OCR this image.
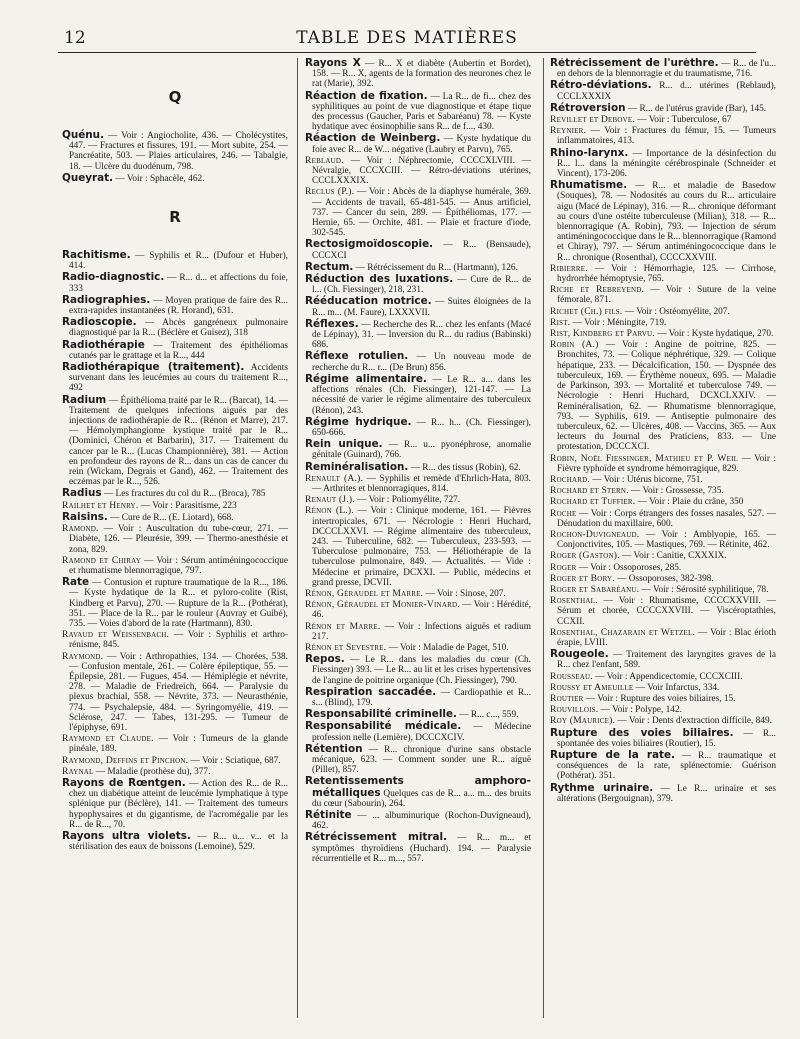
12	TABLE DES MATIÈRES
Q

Quénu. — Voir : Angiocholite, 436. — Cholécystites, 447. — Fractures et fissures, 191. — Mort subite, 254. — Pancréatite, 503. — Plaies articulaires, 246. — Tabalgie, 18. — Ulcère du duodénum, 798.

Queyrat. — Voir : Sphacèle, 462.

R

Rachitisme. — Syphilis et R... (Dufour et Huber), 414.

Radio-diagnostic. — R... d... et affections du foie, 333

Radiographies. — Moyen pratique de faire des R... extra-rapides instantanées (R. Horand), 631.

Radioscopie. — Abcès gangréneux pulmonaire diagnostiqué par la R... (Béclère et Guisez), 318

Radiothérapie — Traitement des épithéliomas cutanés par le grattage et la R..., 444

Radiothérapique (traitement). Accidents survenant dans les leucémies au cours du traitement R..., 492

Radium — Épithélioma traité par le R... (Barcat), 14. — Traitement de quelques infections aiguës par des injections de radiothérapie de R... (Rénon et Marre), 217. — Hémolymphangiome kystique traité par le R... (Dominici, Chéron et Barbarin), 317. — Traitement du cancer par le R... (Lucas Championnière), 381. — Action en profondeur des rayons de R... dans un cas de cancer du rein (Wickam, Degrais et Gand), 462. — Traitement des eczémas par le R..., 526.

Radius — Les fractures du col du R... (Broca), 785

Railhet et Henry. — Voir : Parasitisme, 223

Raisins. — Cure de R... (E. Liotard), 668.

Ramond. — Voir : Auscultation du tube-cœur, 271. — Diabète, 126. — Pleurésie, 399. — Thermo-anesthésie et zona, 829.

Ramond et Chiray — Voir : Sérum antiméningococcique et rhumatisme blennorragique, 797.

Rate — Contusion et rupture traumatique de la R..., 186. — Kyste hydatique de la R... et pyloro-colite (Rist, Kindberg et Parvu), 270. — Rupture de la R... (Pothérat), 351. — Place de la R... par le rouleur (Auvray et Guibé), 735. — Voies d'abord de la rate (Hartmann), 830.

Ravaud et Weissenbach. — Voir : Syphilis et arthro-rénisme, 845.

Raymond. — Voir : Arthropathies, 134. — Chorées, 538. — Confusion mentale, 261. — Colère épileptique, 55. — Épilepsie, 281. — Fugues, 454. — Hémiplégie et névrite, 278. — Maladie de Friedreich, 664. — Paralysie du plexus brachial, 558. — Névrite, 373. — Neurasthénie, 774. — Psychalepsie, 484. — Syringomyélie, 419. — Sclérose, 247. — Tabes, 131-295. — Tumeur de l'épiphyse, 691.

Raymond et Claude. — Voir : Tumeurs de la glande pinéale, 189.

Raymond, Deffins et Pinchon. — Voir : Sciatique, 687.

Raynal — Maladie (prothèse du), 377.

Rayons de Rœntgen. — Action des R... de R... chez un diabétique atteint de leucémie lymphatique à type splénique pur (Béclère), 141. — Traitement des tumeurs hypophysaires et du gigantisme, de l'acromégalie par les R... de R..., 70.

Rayons ultra violets. — R... u... v... et la stérilisation des eaux de boissons (Lemoine), 529.

Rayons X — R... X et diabète (Aubertin et Bordet), 158. — R... X, agents de la formation des neurones chez le rat (Marie), 392.

Réaction de fixation. — La R... de fi... chez des syphilitiques au point de vue diagnostique et étape tique des processus (Gaucher, Paris et Sabaréanu) 78. — Kyste hydatique avec éosinophilie sans R... de f..., 430.

Réaction de Weinberg. — Kyste hydatique du foie avec R... de W... négative (Laubry et Parvu), 765.

Reblaud. — Voir : Néphrectomie, CCCCXLVIII. — Névralgie, CCCXCIII. — Rétro-déviations utérines, CCCLXXXIX.

Reclus (P.). — Voir : Abcès de la diaphyse humérale, 369. — Accidents de travail, 65-481-545. — Anus artificiel, 737. — Cancer du sein, 289. — Épithéliomas, 177. — Hernie, 65. — Orchite, 481. — Plaie et fracture d'iode, 302-545.

Rectosigmoïdoscopie. — R... (Bensaude), CCCXCI

Rectum. — Rétrécissement du R... (Hartmann), 126.

Réduction des luxations. — Cure de R... de l... (Ch. Fiessinger), 218, 231.

Rééducation motrice. — Suites éloignées de la R... m... (M. Faure), LXXXVII.

Réflexes. — Recherche des R... chez les enfants (Macé de Lépinay), 31. — Inversion du R... du radius (Babinski) 686.

Réflexe rotulien. — Un nouveau mode de recherche du R... r... (De Brun) 856.

Régime alimentaire. — Le R... a... dans les affections rénales (Ch. Fiessinger), 121-147. — La nécessité de varier le régime alimentaire des tuberculeux (Rénon), 243.

Régime hydrique. — R... h... (Ch. Fiessinger), 650-666.

Rein unique. — R... u... pyonéphrose, anomalie génitale (Guinard), 766.

Reminéralisation. — R... des tissus (Robin), 62.

Renault (A.). — Syphilis et remède d'Ehrlich-Hata, 803. — Arthrites et blennorragiques, 814.

Renaut (J.). — Voir : Poliomyélite, 727.

Rénon (L.). — Voir : Clinique moderne, 161. — Fièvres intertropicales, 671. — Nécrologie : Henri Huchard, DCCCLXXVI. — Régime alimentaire des tuberculeux, 243. — Tuberculine, 682. — Tuberculeux, 233-593. — Tuberculose pulmonaire, 753. — Héliothérapie de la tuberculose pulmonaire, 849. — Actualités. — Vide : Médecine et primaire, DCXXI. — Public, médecins et grand presse, DCVII.

Rénon, Géraudel et Marre. — Voir : Sinose, 207.

Rénon, Géraudel et Monier-Vinard. — Voir : Hérédité, 46.

Rénon et Marre. — Voir : Infections aiguës et radium 217.

Rénon et Sevestre. — Voir : Maladie de Paget, 510.

Repos. — Le R... dans les maladies du cœur (Ch. Fiessinger) 393. — Le R... au lit et les crises hypertensives de l'angine de poitrine organique (Ch. Fiessinger), 790.

Respiration saccadée. — Cardiopathie et R... s... (Blind), 179.

Responsabilité criminelle. — R... c..., 559.

Responsabilité médicale. — Médecine profession nelle (Lemière), DCCCXCIV.

Rétention — R... chronique d'urine sans obstacle mécanique, 623. — Comment sonder une R... aiguë (Pillet), 857.

Retentissements amphoro-métalliques Quelques cas de R... a... m... des bruits du cœur (Sabourin), 264.

Rétinite — ... albuminurique (Rochon-Duvigneaud), 462.

Rétrécissement mitral. — R... m... et symptômes thyroïdiens (Huchard). 194. — Paralysie récurrentielle et R... m..., 557.

Rétrécissement de l'urèthre. — R... de l'u... en dehors de la blennorragie et du traumatisme, 716.

Rétro-déviations. R... d... utérines (Reblaud), CCCLXXXIX

Rétroversion — R... de l'utérus gravide (Bar), 145.

Revillet et Debove. — Voir : Tuberculose, 67

Reynier. — Voir : Fractures du fémur, 15. — Tumeurs inflammatoires, 413.

Rhino-larynx. — Importance de la désinfection du R... l... dans la méningite cérébrospinale (Schneider et Vincent), 173-206.

Rhumatisme. — R... et maladie de Basedow (Souques), 78. — Nodosités au cours du R... articulaire aigu (Macé de Lépinay), 316. — R... chronique déformant au cours d'une ostéite tuberculeuse (Milian), 318. — R... blennorragique (A. Robin), 793. — Injection de sérum antiméningococcique dans le R... blennorragique (Ramond et Chiray), 797. — Sérum antiméningococcique dans le R... chronique (Rosenthal), CCCCXXVIII.

Ribierre. — Voir : Hémorrhagie, 125. — Cirrhose, hydrorrhée hémoptysie, 765.

Riche et Rebreyend. — Voir : Suture de la veine fémorale, 871.

Richet (Ch.) fils. — Voir : Ostéomyélite, 207.

Rist. — Voir : Méningite, 719.

Rist, Kindberg et Parvu. — Voir : Kyste hydatique, 270.

Robin (A.) — Voir : Angine de poitrine, 825. — Bronchites, 73. — Colique néphrétique, 329. — Colique hépatique, 233. — Décalcification, 150. — Dyspnée des tuberculeux, 169. — Érythème noueux, 695. — Maladie de Parkinson, 393. — Mortalité et tuberculose 749. — Nécrologie : Henri Huchard, DCXCLXXIV. — Reminéralisation, 62. — Rhumatisme blennorragique, 793. — Syphilis, 619. — Antiseptie pulmonaire des tuberculeux, 62. — Ulcères, 408. — Vaccins, 365. — Aux lecteurs du Journal des Praticiens, 833. — Une protestation, DCCCXCI.

Robin, Noël Fiessinger, Mathieu et P. Weil — Voir : Fièvre typhoïde et syndrome hémorragique, 829.

Rochard. — Voir : Utérus bicorne, 751.

Rochard et Stern. — Voir : Grossesse, 735.

Rochard et Tuffier. — Voir : Plaie du crâne, 350

Roche — Voir : Corps étrangers des fosses nasales, 527. — Dénudation du maxillaire, 600.

Rochon-Duvigneaud. — Voir : Amblyopie, 165. — Conjonctivites, 105. — Mastiques, 769. — Rétinite, 462.

Roger (Gaston). — Voir : Canitie, CXXXIX.

Roger — Voir : Ossoporoses, 285.

Roger et Bory. — Ossoporoses, 382-398.

Roger et Sabaréanu. — Voir : Sérosité syphilitique, 78.

Rosenthal. — Voir : Rhumatisme, CCCCXXVIII. — Sérum et chorée, CCCCXXVIII. — Viscéroptathies, CCXII.

Rosenthal, Chazarain et Wetzel. — Voir : Blac érioth érapie, LVIII.

Rougeole. — Traitement des laryngites graves de la R... chez l'enfant, 589.

Rousseau. — Voir : Appendicectomie, CCCXCIII.

Roussy et Ameuille — Voir Infarctus, 334.

Routier — Voir : Rupture des voies biliaires, 15.

Rouvillois. — Voir : Polype, 142.

Roy (Maurice). — Voir : Dents d'extraction difficile, 849.

Rupture des voies biliaires. — R... spontanée des voies biliaires (Routier), 15.

Rupture de la rate. — R... traumatique et conséquences de la rate, splénectomie. Guérison (Pothérat). 351.

Rythme urinaire. — Le R... urinaire et ses altérations (Bergouignan), 379.
